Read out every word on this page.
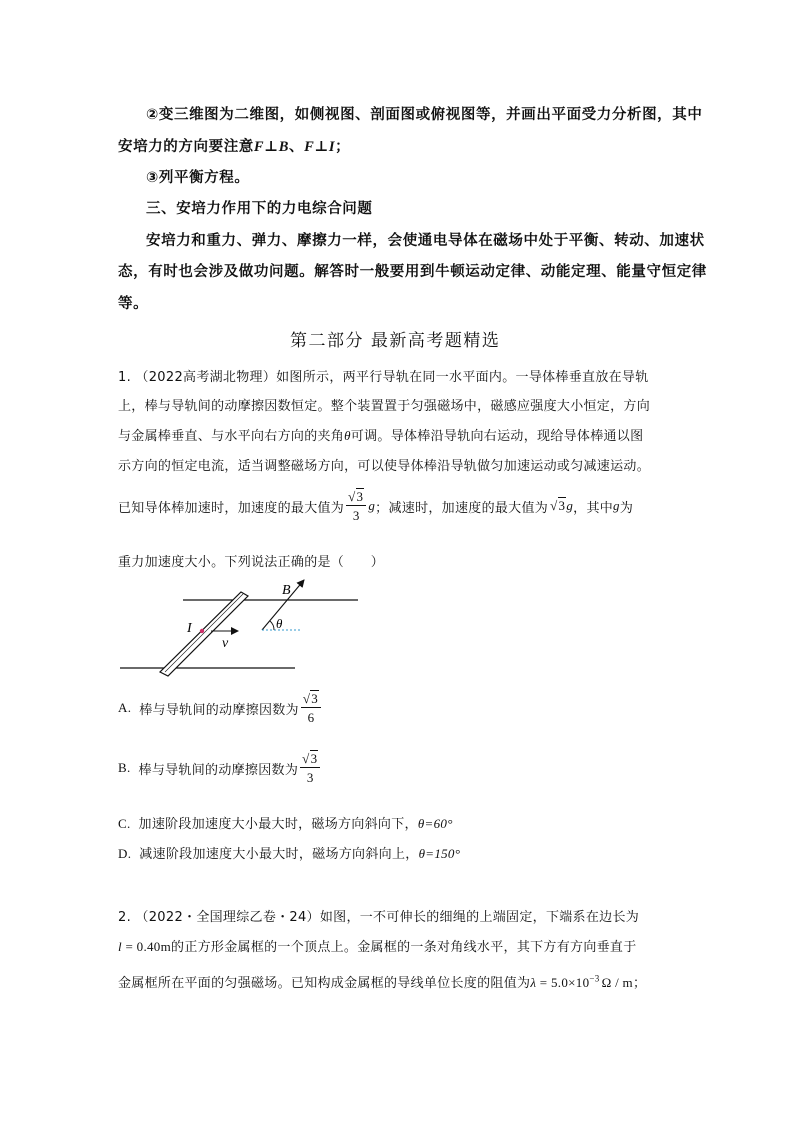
②变三维图为二维图，如侧视图、剖面图或俯视图等，并画出平面受力分析图，其中
安培力的方向要注意F⊥B、F⊥I；
③列平衡方程。
三、安培力作用下的力电综合问题
安培力和重力、弹力、摩擦力一样，会使通电导体在磁场中处于平衡、转动、加速状
态，有时也会涉及做功问题。解答时一般要用到牛顿运动定律、动能定理、能量守恒定律
等。
第二部分 最新高考题精选
1. （2022高考湖北物理）如图所示，两平行导轨在同一水平面内。一导体棒垂直放在导轨
上，棒与导轨间的动摩擦因数恒定。整个装置置于匀强磁场中，磁感应强度大小恒定，方向
与金属棒垂直、与水平向右方向的夹角θ可调。导体棒沿导轨向右运动，现给导体棒通以图
示方向的恒定电流，适当调整磁场方向，可以使导体棒沿导轨做匀加速运动或匀减速运动。
已知导体棒加速时，加速度的最大值为 $\frac{√3}{3}$ g ；减速时，加速度的最大值为 √3 g ，其中 g 为
重力加速度大小。下列说法正确的是（　　）
B
I
v
θ
A. 棒与导轨间的动摩擦因数为 $\frac{√3}{6}$
B. 棒与导轨间的动摩擦因数为 $\frac{√3}{3}$
C. 加速阶段加速度大小最大时，磁场方向斜向下，θ=60°
D. 减速阶段加速度大小最大时，磁场方向斜向上，θ=150°
2. （2022・全国理综乙卷・24）如图，一不可伸长的细绳的上端固定，下端系在边长为
l = 0.40m的正方形金属框的一个顶点上。金属框的一条对角线水平，其下方有方向垂直于
金属框所在平面的匀强磁场。已知构成金属框的导线单位长度的阻值为$\lambda = 5.0\times 10^{-3}$ Ω / m；
